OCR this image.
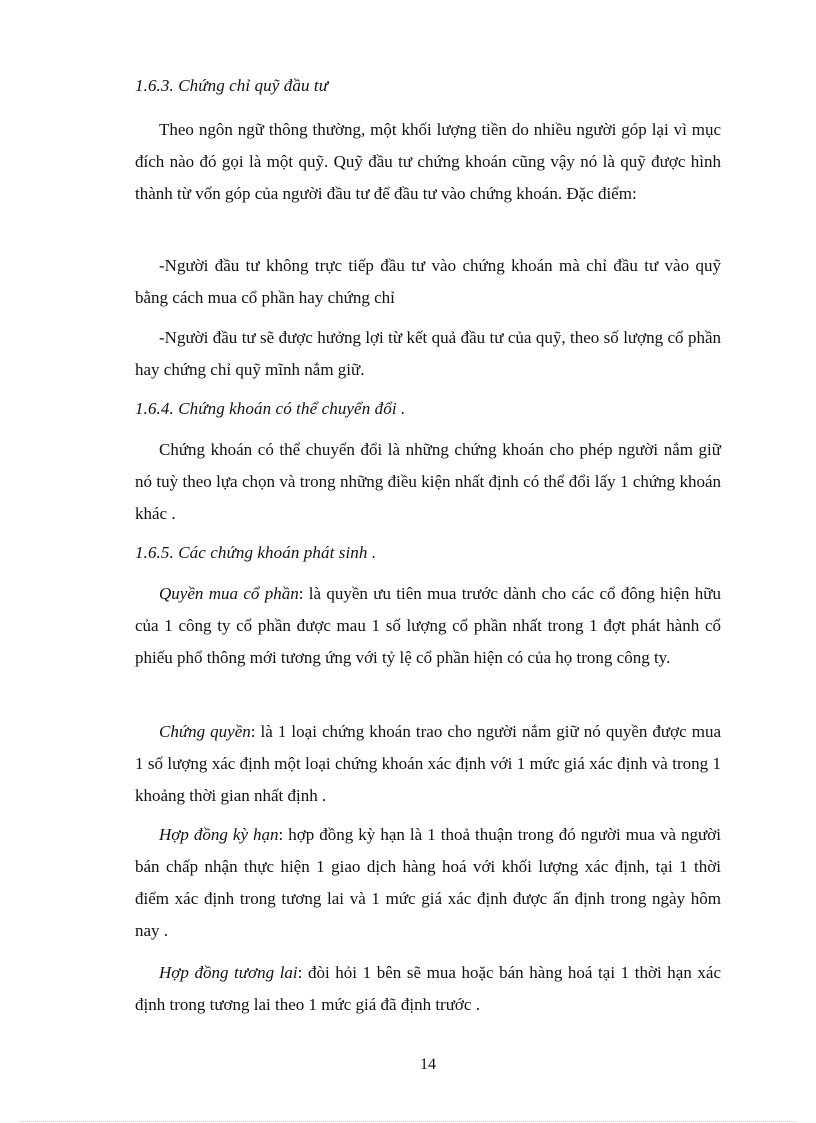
1.6.3. Chứng chỉ quỹ đầu tư

Theo ngôn ngữ thông thường, một khối lượng tiền do nhiều người góp lại vì mục đích nào đó gọi là một quỹ. Quỹ đầu tư chứng khoán cũng vậy nó là quỹ được hình thành từ vốn góp của người đầu tư để đầu tư vào chứng khoán. Đặc điểm:

-Người đầu tư không trực tiếp đầu tư vào chứng khoán mà chỉ đầu tư vào quỹ bằng cách mua cổ phần hay chứng chỉ

-Người đầu tư sẽ được hưởng lợi từ kết quả đầu tư của quỹ, theo số lượng cổ phần hay chứng chỉ quỹ mĩnh nắm giữ.

1.6.4. Chứng khoán có thể chuyển đổi .

Chứng khoán có thể chuyển đổi là những chứng khoán cho phép người nắm giữ nó tuỳ theo lựa chọn và trong những điều kiện nhất định có thể đổi lấy 1 chứng khoán khác .

1.6.5. Các chứng khoán phát sinh .

Quyền mua cổ phần: là quyền ưu tiên mua trước dành cho các cổ đông hiện hữu của 1 công ty cổ phần được mau 1 số lượng cổ phần nhất trong 1 đợt phát hành cổ phiếu phổ thông mới tương ứng với tỷ lệ cổ phần hiện có của họ trong công ty.

Chứng quyền: là 1 loại chứng khoán trao cho người nắm giữ nó quyền được mua 1 số lượng xác định một loại chứng khoán xác định với 1 mức giá xác định và trong 1 khoảng thời gian nhất định .

Hợp đồng kỳ hạn: hợp đồng kỳ hạn là 1 thoả thuận trong đó người mua và người bán chấp nhận thực hiện 1 giao dịch hàng hoá với khối lượng xác định, tại 1 thời điểm xác định trong tương lai và 1 mức giá xác định được ấn định trong ngày hôm nay .

Hợp đồng tương lai: đòi hỏi 1 bên sẽ mua hoặc bán hàng hoá tại 1 thời hạn xác định trong tương lai theo 1 mức giá đã định trước .

14
